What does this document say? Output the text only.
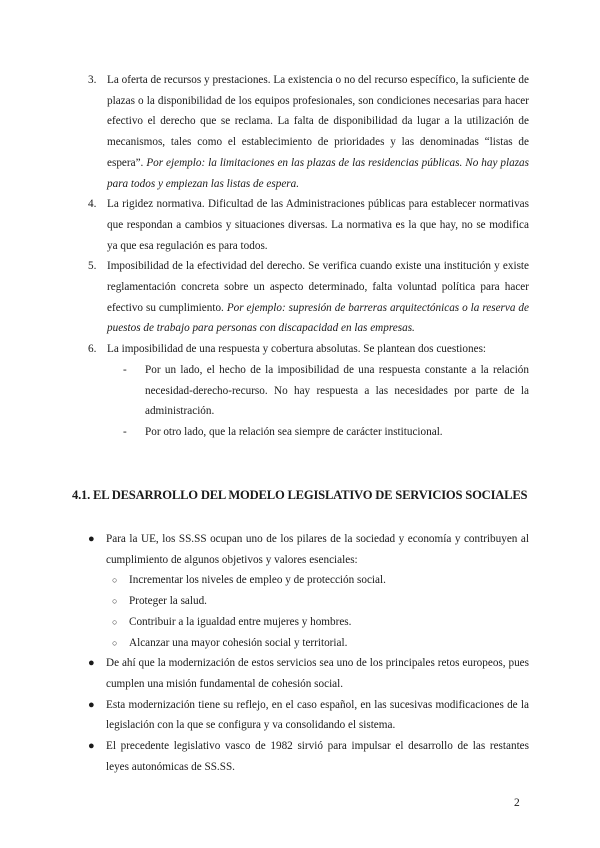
3. La oferta de recursos y prestaciones. La existencia o no del recurso específico, la suficiente de plazas o la disponibilidad de los equipos profesionales, son condiciones necesarias para hacer efectivo el derecho que se reclama. La falta de disponibilidad da lugar a la utilización de mecanismos, tales como el establecimiento de prioridades y las denominadas “listas de espera”. Por ejemplo: la limitaciones en las plazas de las residencias públicas. No hay plazas para todos y empiezan las listas de espera.
4. La rigidez normativa. Dificultad de las Administraciones públicas para establecer normativas que respondan a cambios y situaciones diversas. La normativa es la que hay, no se modifica ya que esa regulación es para todos.
5. Imposibilidad de la efectividad del derecho. Se verifica cuando existe una institución y existe reglamentación concreta sobre un aspecto determinado, falta voluntad política para hacer efectivo su cumplimiento. Por ejemplo: supresión de barreras arquitectónicas o la reserva de puestos de trabajo para personas con discapacidad en las empresas.
6. La imposibilidad de una respuesta y cobertura absolutas. Se plantean dos cuestiones:
- Por un lado, el hecho de la imposibilidad de una respuesta constante a la relación necesidad-derecho-recurso. No hay respuesta a las necesidades por parte de la administración.
- Por otro lado, que la relación sea siempre de carácter institucional.
4.1. EL DESARROLLO DEL MODELO LEGISLATIVO DE SERVICIOS SOCIALES
● Para la UE, los SS.SS ocupan uno de los pilares de la sociedad y economía y contribuyen al cumplimiento de algunos objetivos y valores esenciales:
○ Incrementar los niveles de empleo y de protección social.
○ Proteger la salud.
○ Contribuir a la igualdad entre mujeres y hombres.
○ Alcanzar una mayor cohesión social y territorial.
● De ahí que la modernización de estos servicios sea uno de los principales retos europeos, pues cumplen una misión fundamental de cohesión social.
● Esta modernización tiene su reflejo, en el caso español, en las sucesivas modificaciones de la legislación con la que se configura y va consolidando el sistema.
● El precedente legislativo vasco de 1982 sirvió para impulsar el desarrollo de las restantes leyes autonómicas de SS.SS.
2
